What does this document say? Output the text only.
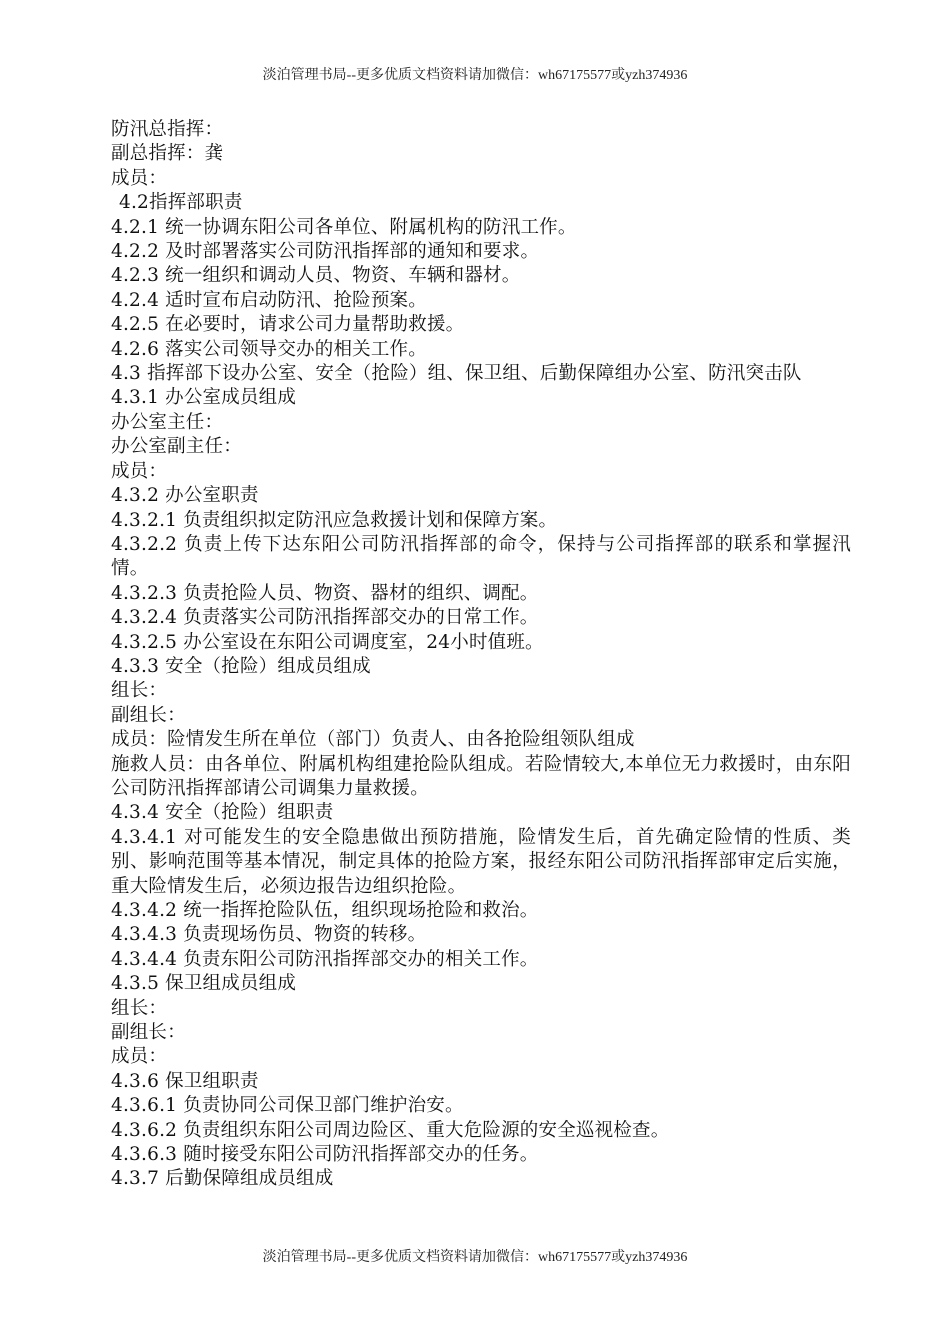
淡泊管理书局--更多优质文档资料请加微信：wh67175577或yzh374936
防汛总指挥：
副总指挥：龚
成员：
4.2指挥部职责
4.2.1 统一协调东阳公司各单位、附属机构的防汛工作。
4.2.2 及时部署落实公司防汛指挥部的通知和要求。
4.2.3 统一组织和调动人员、物资、车辆和器材。
4.2.4 适时宣布启动防汛、抢险预案。
4.2.5 在必要时，请求公司力量帮助救援。
4.2.6 落实公司领导交办的相关工作。
4.3 指挥部下设办公室、安全（抢险）组、保卫组、后勤保障组办公室、防汛突击队
4.3.1 办公室成员组成
办公室主任：
办公室副主任：
成员：
4.3.2 办公室职责
4.3.2.1 负责组织拟定防汛应急救援计划和保障方案。
4.3.2.2 负责上传下达东阳公司防汛指挥部的命令，保持与公司指挥部的联系和掌握汛情。
4.3.2.3 负责抢险人员、物资、器材的组织、调配。
4.3.2.4 负责落实公司防汛指挥部交办的日常工作。
4.3.2.5 办公室设在东阳公司调度室，24小时值班。
4.3.3 安全（抢险）组成员组成
组长：
副组长：
成员：险情发生所在单位（部门）负责人、由各抢险组领队组成
施救人员：由各单位、附属机构组建抢险队组成。若险情较大,本单位无力救援时，由东阳公司防汛指挥部请公司调集力量救援。
4.3.4 安全（抢险）组职责
4.3.4.1 对可能发生的安全隐患做出预防措施，险情发生后，首先确定险情的性质、类别、影响范围等基本情况，制定具体的抢险方案，报经东阳公司防汛指挥部审定后实施，重大险情发生后，必须边报告边组织抢险。
4.3.4.2 统一指挥抢险队伍，组织现场抢险和救治。
4.3.4.3 负责现场伤员、物资的转移。
4.3.4.4 负责东阳公司防汛指挥部交办的相关工作。
4.3.5 保卫组成员组成
组长：
副组长：
成员：
4.3.6 保卫组职责
4.3.6.1 负责协同公司保卫部门维护治安。
4.3.6.2 负责组织东阳公司周边险区、重大危险源的安全巡视检查。
4.3.6.3 随时接受东阳公司防汛指挥部交办的任务。
4.3.7 后勤保障组成员组成
淡泊管理书局--更多优质文档资料请加微信：wh67175577或yzh374936
